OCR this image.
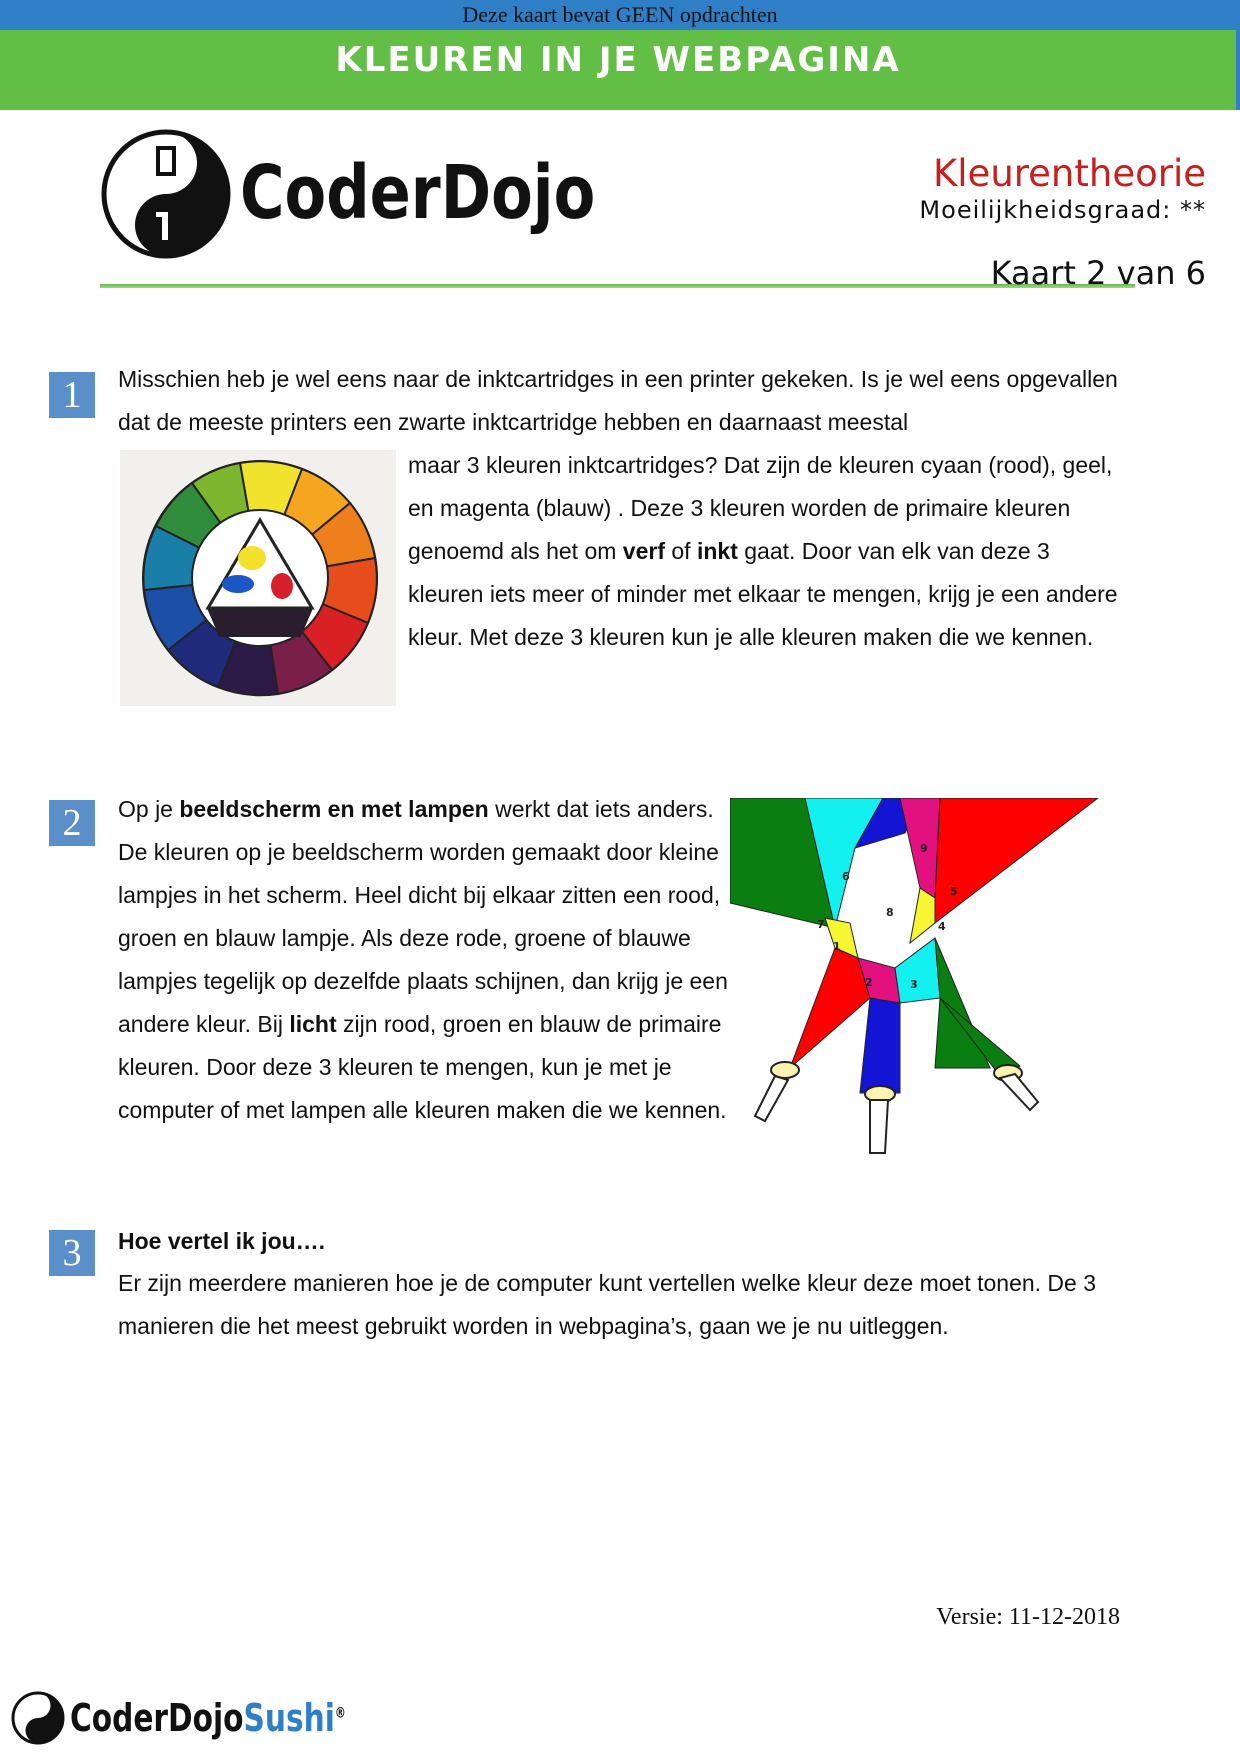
Deze kaart bevat GEEN opdrachten
KLEUREN IN JE WEBPAGINA
CoderDojo	Kleurentheorie
Moeilijkheidsgraad: **
Kaart 2 van 6
1	Misschien heb je wel eens naar de inktcartridges in een printer gekeken. Is je wel eens opgevallen dat de meeste printers een zwarte inktcartridge hebben en daarnaast meestal
maar 3 kleuren inktcartridges? Dat zijn de kleuren cyaan (rood), geel, en magenta (blauw) . Deze 3 kleuren worden de primaire kleuren genoemd als het om verf of inkt gaat. Door van elk van deze 3 kleuren iets meer of minder met elkaar te mengen, krijg je een andere kleur. Met deze 3 kleuren kun je alle kleuren maken die we kennen.
2	Op je beeldscherm en met lampen werkt dat iets anders. De kleuren op je beeldscherm worden gemaakt door kleine lampjes in het scherm. Heel dicht bij elkaar zitten een rood, groen en blauw lampje. Als deze rode, groene of blauwe lampjes tegelijk op dezelfde plaats schijnen, dan krijg je een andere kleur. Bij licht zijn rood, groen en blauw de primaire kleuren. Door deze 3 kleuren te mengen, kun je met je computer of met lampen alle kleuren maken die we kennen.
1
2	3
4
5
6
7
8
9
3	Hoe vertel ik jou….
Er zijn meerdere manieren hoe je de computer kunt vertellen welke kleur deze moet tonen. De 3 manieren die het meest gebruikt worden in webpagina’s, gaan we je nu uitleggen.
Versie: 11-12-2018
CoderDojoSushi®
